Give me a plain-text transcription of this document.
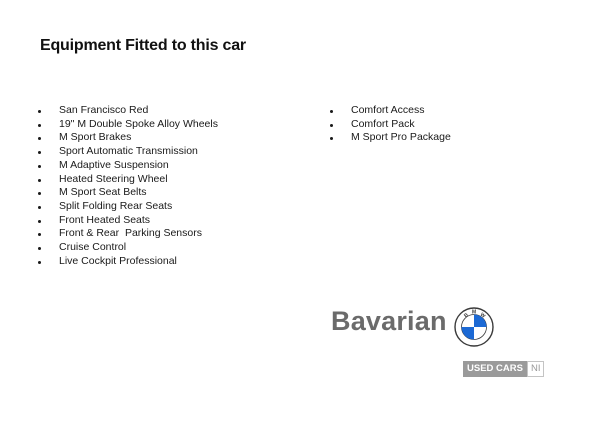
Equipment Fitted to this car
San Francisco Red
19" M Double Spoke Alloy Wheels
M Sport Brakes
Sport Automatic Transmission
M Adaptive Suspension
Heated Steering Wheel
M Sport Seat Belts
Split Folding Rear Seats
Front Heated Seats
Front & Rear  Parking Sensors
Cruise Control
Live Cockpit Professional
Comfort Access
Comfort Pack
M Sport Pro Package
Bavarian	B M W
USED CARS NI
